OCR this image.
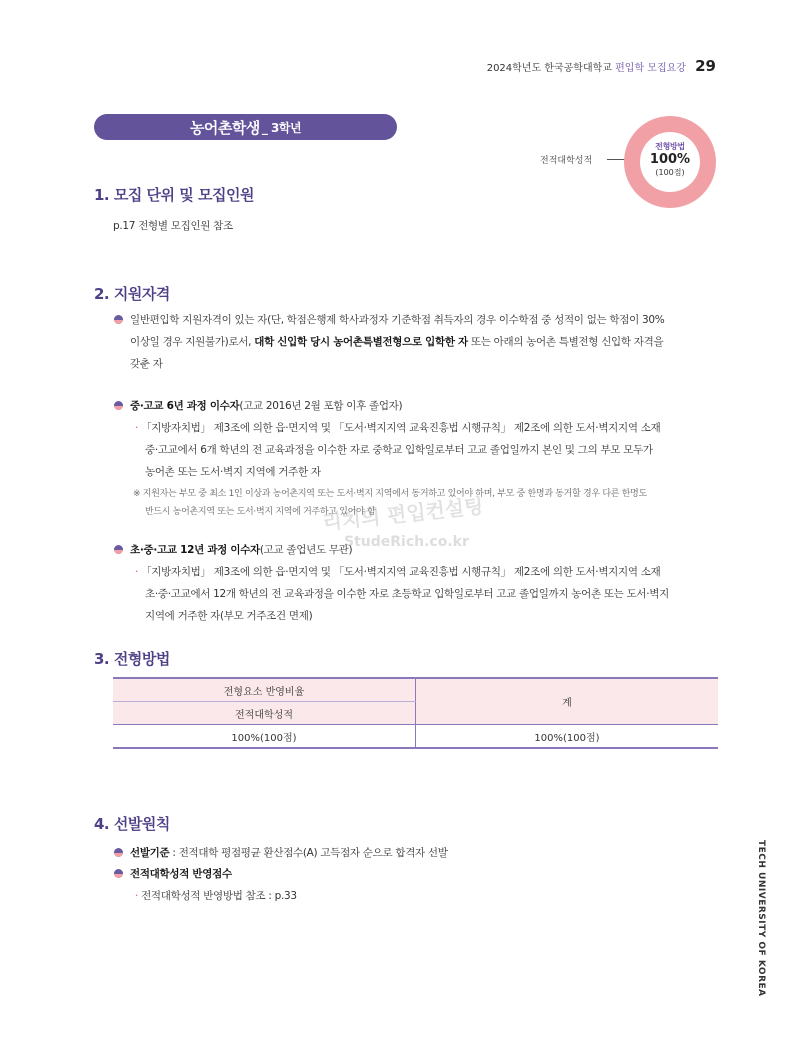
2024학년도 한국공학대학교 편입학 모집요강 29
농어촌학생 _ 3학년
전적대학성적
전형방법
100%
(100점)
1. 모집 단위 및 모집인원
p.17 전형별 모집인원 참조
2. 지원자격
일반편입학 지원자격이 있는 자(단, 학점은행제 학사과정자 기준학점 취득자의 경우 이수학점 중 성적이 없는 학점이 30%
이상일 경우 지원불가)로서, 대학 신입학 당시 농어촌특별전형으로 입학한 자 또는 아래의 농어촌 특별전형 신입학 자격을
갖춘 자
중·고교 6년 과정 이수자(고교 2016년 2월 포함 이후 졸업자)
· 「지방자치법」 제3조에 의한 읍·면지역 및 「도서·벽지지역 교육진흥법 시행규칙」 제2조에 의한 도서·벽지지역 소재
중·고교에서 6개 학년의 전 교육과정을 이수한 자로 중학교 입학일로부터 고교 졸업일까지 본인 및 그의 부모 모두가
농어촌 또는 도서·벽지 지역에 거주한 자
※ 지원자는 부모 중 최소 1인 이상과 농어촌지역 또는 도서·벽지 지역에서 동거하고 있어야 하며, 부모 중 한명과 동거할 경우 다른 한명도
반드시 농어촌지역 또는 도서·벽지 지역에 거주하고 있어야 함
초·중·고교 12년 과정 이수자(고교 졸업년도 무관)
· 「지방자치법」 제3조에 의한 읍·면지역 및 「도서·벽지지역 교육진흥법 시행규칙」 제2조에 의한 도서·벽지지역 소재
초·중·고교에서 12개 학년의 전 교육과정을 이수한 자로 초등학교 입학일로부터 고교 졸업일까지 농어촌 또는 도서·벽지
지역에 거주한 자(부모 거주조건 면제)
리치의 편입컨설팅
StudeRich.co.kr
3. 전형방법
전형요소 반영비율	계
전적대학성적	
100%(100점)	100%(100점)
4. 선발원칙
선발기준 : 전적대학 평점평균 환산점수(A) 고득점자 순으로 합격자 선발
전적대학성적 반영점수
· 전적대학성적 반영방법 참조 : p.33	TECH UNIVERSITY OF KOREA
